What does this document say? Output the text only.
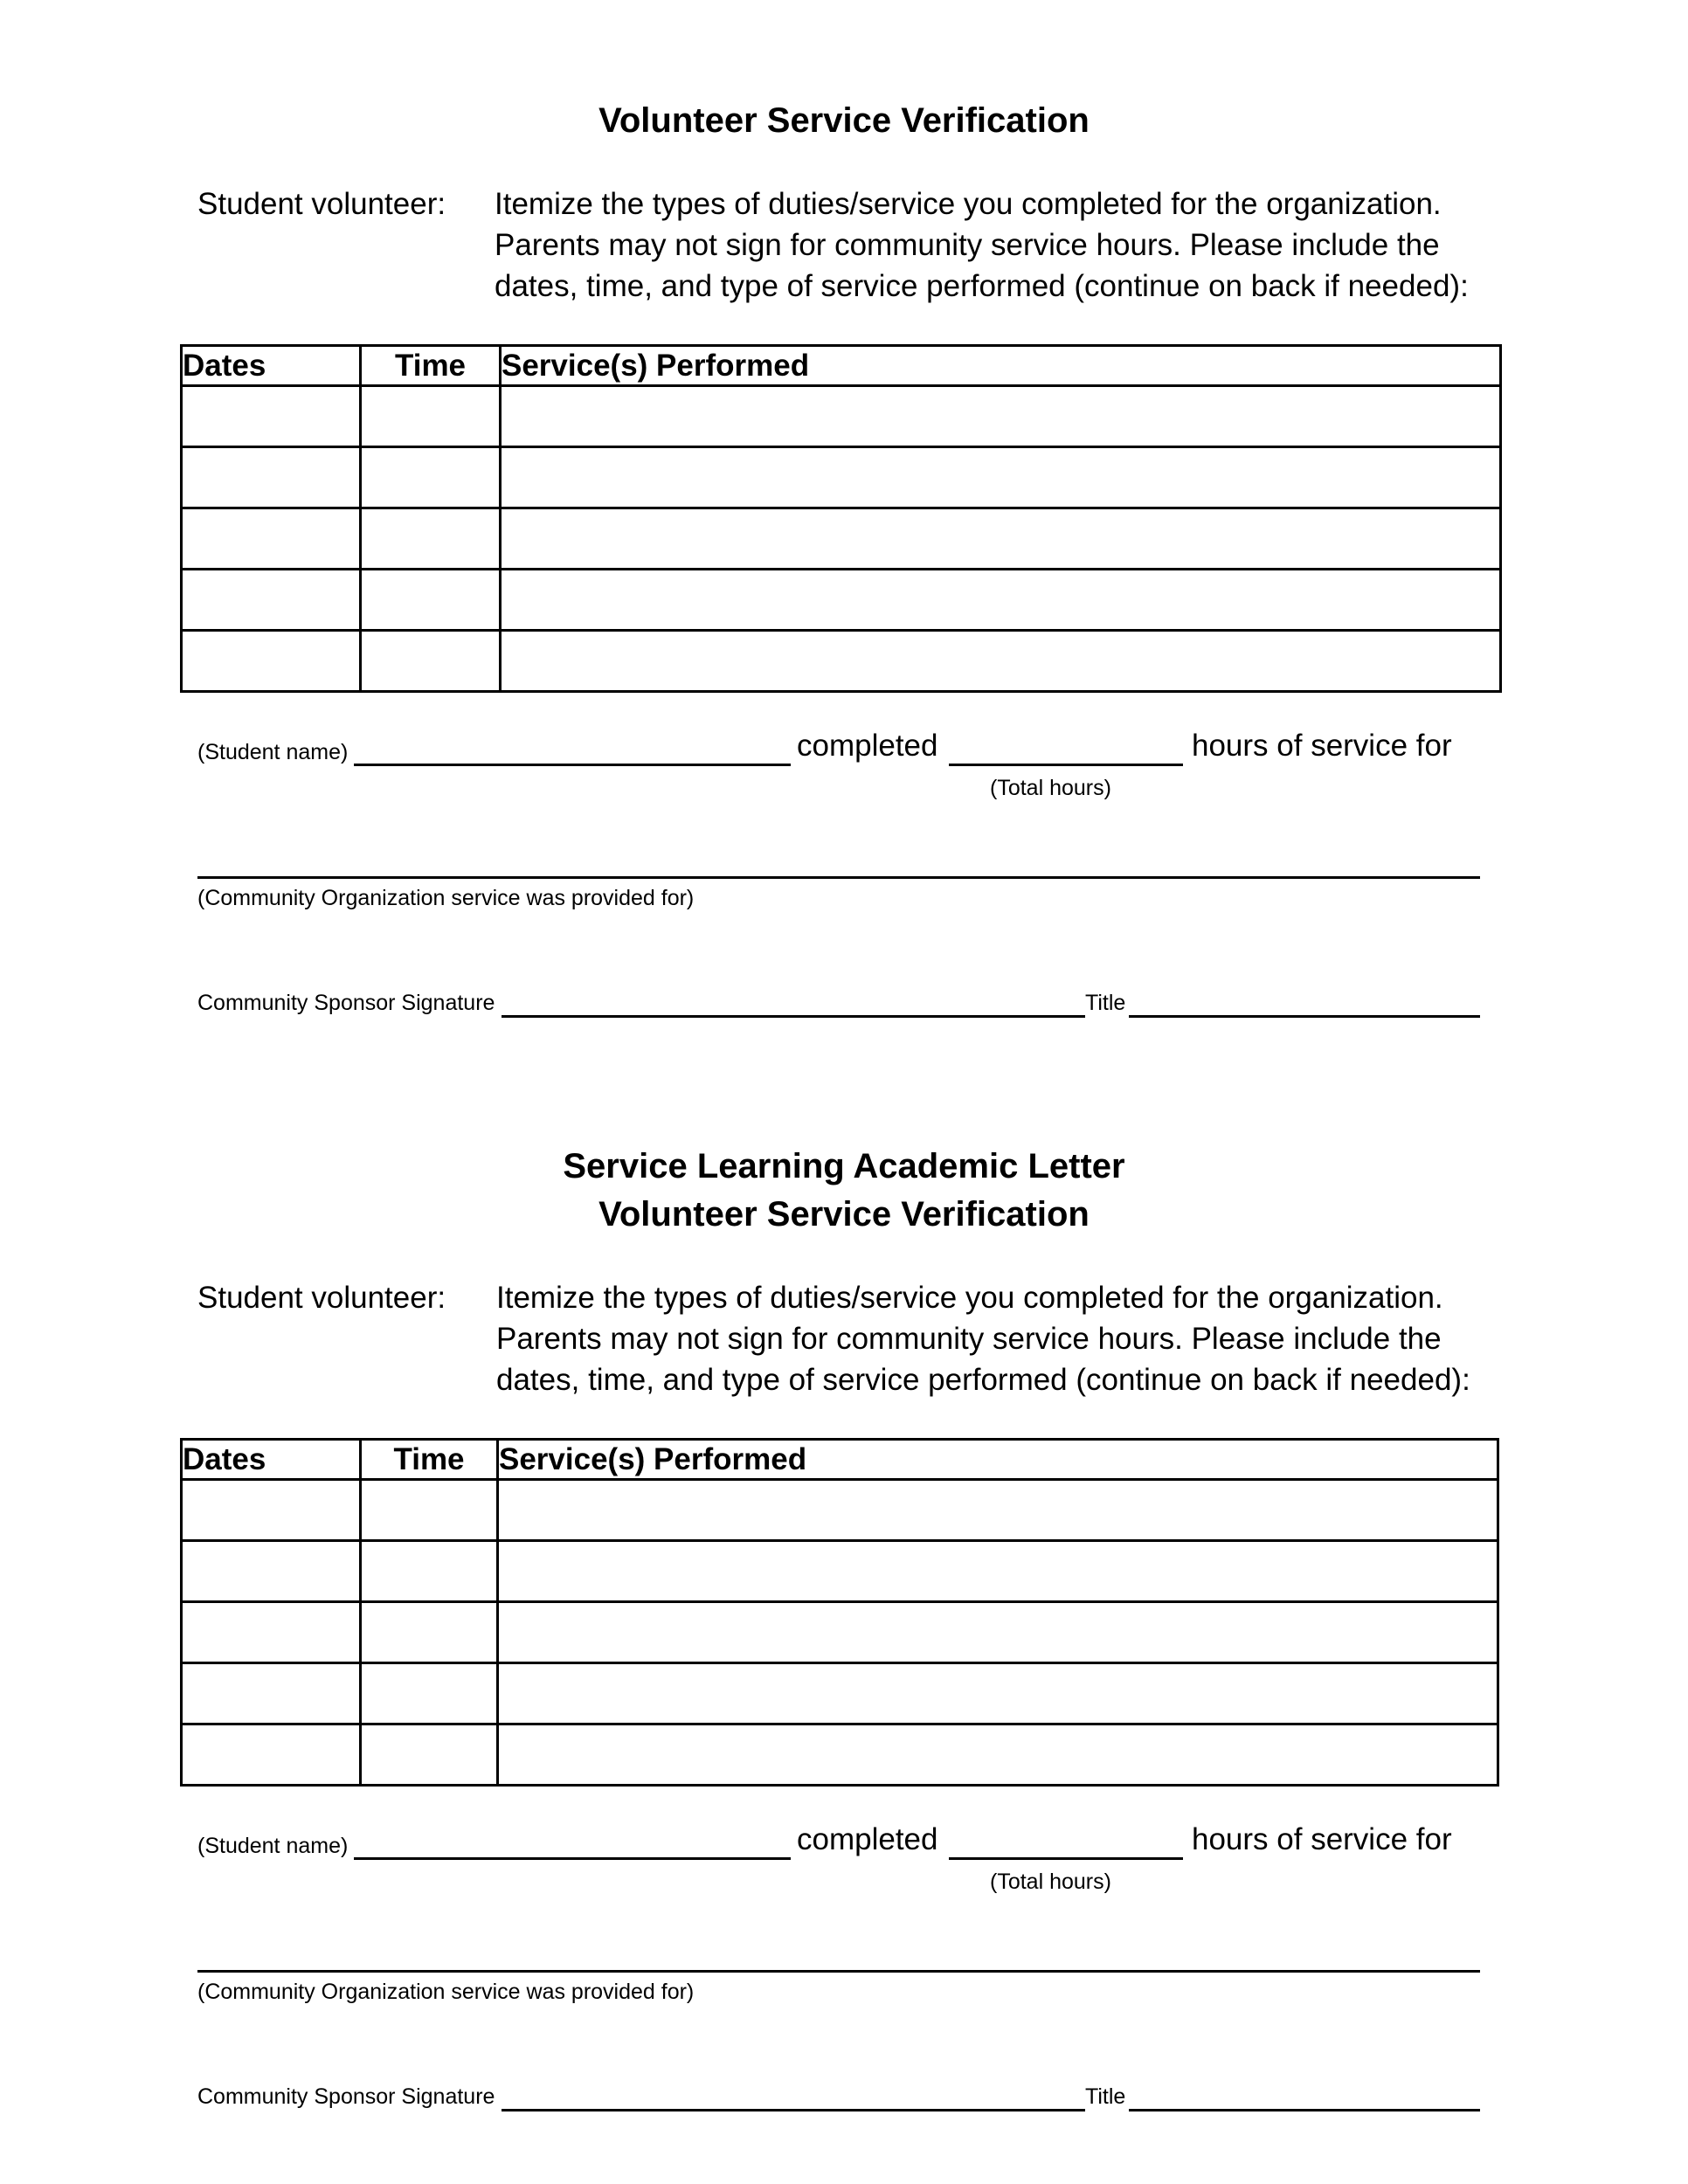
Volunteer Service Verification
Student volunteer: Itemize the types of duties/service you completed for the organization.
Parents may not sign for community service hours. Please include the
dates, time, and type of service performed (continue on back if needed):
Dates	Time	Service(s) Performed

(Student name)	completed	hours of service for
(Total hours)
(Community Organization service was provided for)
Community Sponsor Signature	Title
Service Learning Academic Letter
Volunteer Service Verification
Student volunteer: Itemize the types of duties/service you completed for the organization.
Parents may not sign for community service hours. Please include the
dates, time, and type of service performed (continue on back if needed):
Dates	Time	Service(s) Performed

(Student name)	completed	hours of service for
(Total hours)
(Community Organization service was provided for)
Community Sponsor Signature	Title
